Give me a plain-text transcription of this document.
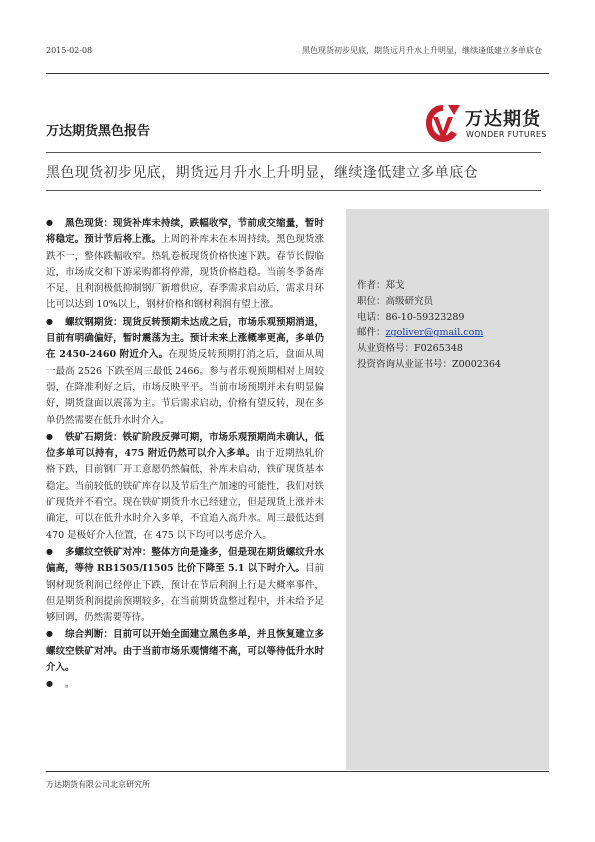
2015-02-08	黑色现货初步见底，期货远月升水上升明显，继续逢低建立多单底仓
万达期货黑色报告
万达期货
WONDER FUTURES
黑色现货初步见底，期货远月升水上升明显，继续逢低建立多单底仓
作者：郑戈
职位：高级研究员
电话：86-10-59323289
邮件：zgoliver@gmail.com
从业资格号：F0265348
投资咨询从业证书号：Z0002364

● 黑色现货：现货补库未持续，跌幅收窄，节前成交缩量，暂时将稳定。预计节后将上涨。上周的补库未在本周持续。黑色现货涨跌不一，整体跌幅收窄。热轧卷板现货价格快速下跌。春节长假临近，市场成交和下游采购都将停滞，现货价格趋稳。当前冬季备库不足，且利润极低抑制钢厂新增供应，春季需求启动后，需求月环比可以达到 10%以上，钢材价格和钢材利润有望上涨。

● 螺纹钢期货：现货反转预期未达成之后，市场乐观预期消退，目前有明确偏好，暂时震荡为主。预计未来上涨概率更高，多单仍在 2450-2460 附近介入。在现货反转预期打消之后，盘面从周一最高 2526 下跌至周三最低 2466。参与者乐观预期相对上周较弱，在降准利好之后，市场反映平平。当前市场预期并未有明显偏好，期货盘面以震荡为主。节后需求启动，价格有望反转，现在多单仍然需要在低升水时介入。

● 铁矿石期货：铁矿阶段反弹可期，市场乐观预期尚未确认，低位多单可以持有，475 附近仍然可以介入多单。由于近期热轧价格下跌，目前钢厂开工意愿仍然偏低，补库未启动，铁矿现货基本稳定。当前较低的铁矿库存以及节后生产加速的可能性，我们对铁矿现货并不看空。现在铁矿期货升水已经建立，但是现货上涨并未确定，可以在低升水时介入多单，不宜追入高升水。周三最低达到 470 是极好介入位置，在 475 以下均可以考虑介入。

● 多螺纹空铁矿对冲：整体方向是逢多，但是现在期货螺纹升水偏高，等待 RB1505/I1505 比价下降至 5.1 以下时介入。目前钢材现货利润已经停止下跌，预计在节后利润上行是大概率事件，但是期货利润提前预期较多，在当前期货盘整过程中，并未给予足够回调，仍然需要等待。

● 综合判断：目前可以开始全面建立黑色多单，并且恢复建立多螺纹空铁矿对冲。由于当前市场乐观情绪不高，可以等待低升水时介入。

● 。

万达期货有限公司北京研究所
